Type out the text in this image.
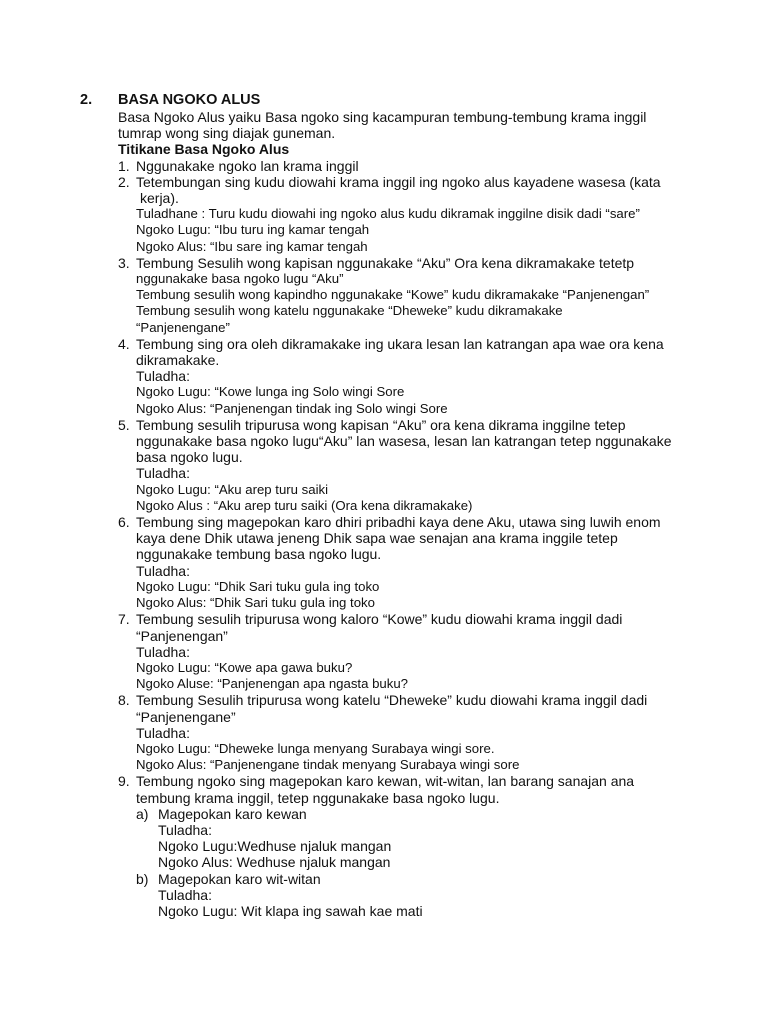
2. BASA NGOKO ALUS

Basa Ngoko Alus yaiku Basa ngoko sing kacampuran tembung-tembung krama inggil

tumrap wong sing diajak guneman.

Titikane Basa Ngoko Alus

1. Nggunakake ngoko lan krama inggil

2. Tetembungan sing kudu diowahi krama inggil ing ngoko alus kayadene wasesa (kata

kerja).

Tuladhane : Turu kudu diowahi ing ngoko alus kudu dikramak inggilne disik dadi “sare”

Ngoko Lugu: “Ibu turu ing kamar tengah

Ngoko Alus: “Ibu sare ing kamar tengah

3. Tembung Sesulih wong kapisan nggunakake “Aku” Ora kena dikramakake tetetp

nggunakake basa ngoko lugu “Aku”

Tembung sesulih wong kapindho nggunakake “Kowe” kudu dikramakake “Panjenengan”

Tembung sesulih wong katelu nggunakake “Dheweke” kudu dikramakake

“Panjenengane”

4. Tembung sing ora oleh dikramakake ing ukara lesan lan katrangan apa wae ora kena

dikramakake.

Tuladha:

Ngoko Lugu: “Kowe lunga ing Solo wingi Sore

Ngoko Alus: “Panjenengan tindak ing Solo wingi Sore

5. Tembung sesulih tripurusa wong kapisan “Aku” ora kena dikrama inggilne tetep

nggunakake basa ngoko lugu“Aku” lan wasesa, lesan lan katrangan tetep nggunakake

basa ngoko lugu.

Tuladha:

Ngoko Lugu: “Aku arep turu saiki

Ngoko Alus : “Aku arep turu saiki (Ora kena dikramakake)

6. Tembung sing magepokan karo dhiri pribadhi kaya dene Aku, utawa sing luwih enom

kaya dene Dhik utawa jeneng Dhik sapa wae senajan ana krama inggile tetep

nggunakake tembung basa ngoko lugu.

Tuladha:

Ngoko Lugu: “Dhik Sari tuku gula ing toko

Ngoko Alus: “Dhik Sari tuku gula ing toko

7. Tembung sesulih tripurusa wong kaloro “Kowe” kudu diowahi krama inggil dadi

“Panjenengan”

Tuladha:

Ngoko Lugu: “Kowe apa gawa buku?

Ngoko Aluse: “Panjenengan apa ngasta buku?

8. Tembung Sesulih tripurusa wong katelu “Dheweke” kudu diowahi krama inggil dadi

“Panjenengane”

Tuladha:

Ngoko Lugu: “Dheweke lunga menyang Surabaya wingi sore.

Ngoko Alus: “Panjenengane tindak menyang Surabaya wingi sore

9. Tembung ngoko sing magepokan karo kewan, wit-witan, lan barang sanajan ana

tembung krama inggil, tetep nggunakake basa ngoko lugu.

a) Magepokan karo kewan

Tuladha:

Ngoko Lugu:Wedhuse njaluk mangan

Ngoko Alus: Wedhuse njaluk mangan

b) Magepokan karo wit-witan

Tuladha:

Ngoko Lugu: Wit klapa ing sawah kae mati
